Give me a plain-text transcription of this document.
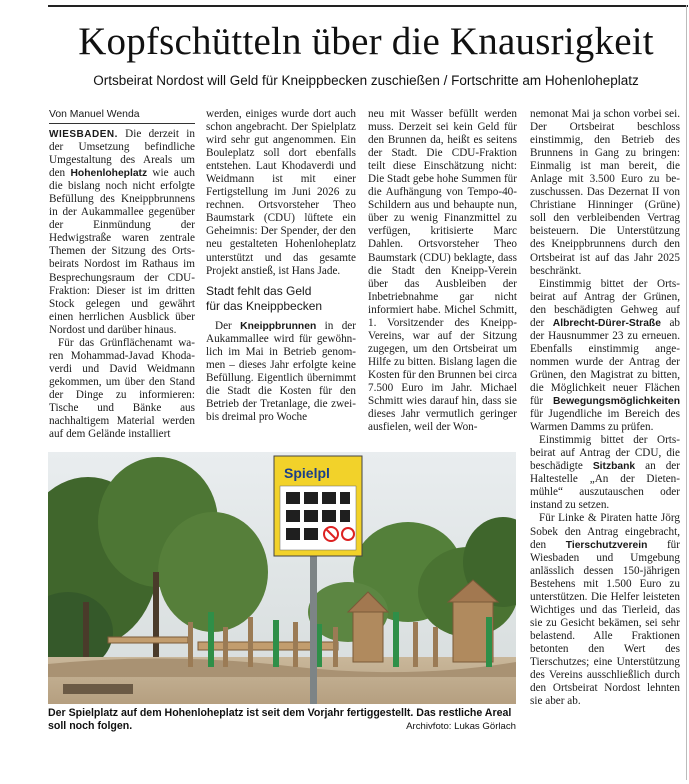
Kopfschütteln über die Knausrigkeit
Ortsbeirat Nordost will Geld für Kneippbecken zuschießen / Fortschritte am Hohenloheplatz
Von Manuel Wenda

WIESBADEN. Die derzeit in der Umsetzung befindliche Umgestaltung des Areals um den Hohenloheplatz wie auch die bislang noch nicht erfolgte Befüllung des Kneippbrunnens in der Aukammallee gegenüber der Einmündung der Hedwigstraße waren zentrale Themen der Sitzung des Ortsbeirats Nordost im Rathaus im Besprechungsraum der CDU-Fraktion: Dieser ist im dritten Stock gelegen und gewährt einen herrlichen Ausblick über Nordost und darüber hinaus.

Für das Grünflächenamt waren Mohammad-Javad Khodaverdi und David Weidmann gekommen, um über den Stand der Dinge zu informieren: Tische und Bänke aus nachhaltigem Material werden auf dem Gelände installiert

werden, einiges wurde dort auch schon angebracht. Der Spielplatz wird sehr gut angenommen. Ein Bouleplatz soll dort ebenfalls entstehen. Laut Khodaverdi und Weidmann ist mit einer Fertigstellung im Juni 2026 zu rechnen. Ortsvorsteher Theo Baumstark (CDU) lüftete ein Geheimnis: Der Spender, der den neu gestalteten Hohenloheplatz unterstützt und das gesamte Projekt anstieß, ist Hans Jade.

Stadt fehlt das Geld
für das Kneippbecken

Der Kneippbrunnen in der Aukammallee wird für gewöhnlich im Mai in Betrieb genommen – dieses Jahr erfolgte keine Befüllung. Eigentlich übernimmt die Stadt die Kosten für den Betrieb der Tretanlage, die zwei- bis dreimal pro Woche

neu mit Wasser befüllt werden muss. Derzeit sei kein Geld für den Brunnen da, heißt es seitens der Stadt. Die CDU-Fraktion teilt diese Einschätzung nicht: Die Stadt gebe hohe Summen für die Aufhängung von Tempo-40-Schildern aus und behaupte nun, über zu wenig Finanzmittel zu verfügen, kritisierte Marc Dahlen. Ortsvorsteher Theo Baumstark (CDU) beklagte, dass die Stadt den Kneipp-Verein über das Ausbleiben der Inbetriebnahme gar nicht informiert habe. Michel Schmitt, 1. Vorsitzender des Kneipp-Vereins, war auf der Sitzung zugegen, um den Ortsbeirat um Hilfe zu bitten. Bislang lagen die Kosten für den Brunnen bei circa 7.500 Euro im Jahr. Michael Schmitt wies darauf hin, dass sie dieses Jahr vermutlich geringer ausfielen, weil der Won-

nemonat Mai ja schon vorbei sei. Der Ortsbeirat beschloss einstimmig, den Betrieb des Brunnens in Gang zu bringen: Einmalig ist man bereit, die Anlage mit 3.500 Euro zu bezuschussen. Das Dezernat II von Christiane Hinninger (Grüne) soll den verbleibenden Vertrag beisteuern. Die Unterstützung des Kneippbrunnens durch den Ortsbeirat ist auf das Jahr 2025 beschränkt.

Einstimmig bittet der Ortsbeirat auf Antrag der Grünen, den beschädigten Gehweg auf der Albrecht-Dürer-Straße ab der Hausnummer 23 zu erneuen. Ebenfalls einstimmig angenommen wurde der Antrag der Grünen, den Magistrat zu bitten, die Möglichkeit neuer Flächen für Bewegungsmöglichkeiten für Jugendliche im Bereich des Warmen Damms zu prüfen.

Einstimmig bittet der Ortsbeirat auf Antrag der CDU, die beschädigte Sitzbank an der Haltestelle „An der Dietenmühle“ auszutauschen oder instand zu setzen.

Für Linke & Piraten hatte Jörg Sobek den Antrag eingebracht, den Tierschutzverein für Wiesbaden und Umgebung anlässlich dessen 150-jährigen Bestehens mit 1.500 Euro zu unterstützen. Die Helfer leisteten Wichtiges und das Tierleid, das sie zu Gesicht bekämen, sei sehr belastend. Alle Fraktionen betonten den Wert des Tierschutzes; eine Unterstützung des Vereins ausschließlich durch den Ortsbeirat Nordost lehnten sie aber ab.

Spielpl
Der Spielplatz auf dem Hohenloheplatz ist seit dem Vorjahr fertiggestellt. Das restliche Areal soll noch folgen.	Archivfoto: Lukas Görlach
